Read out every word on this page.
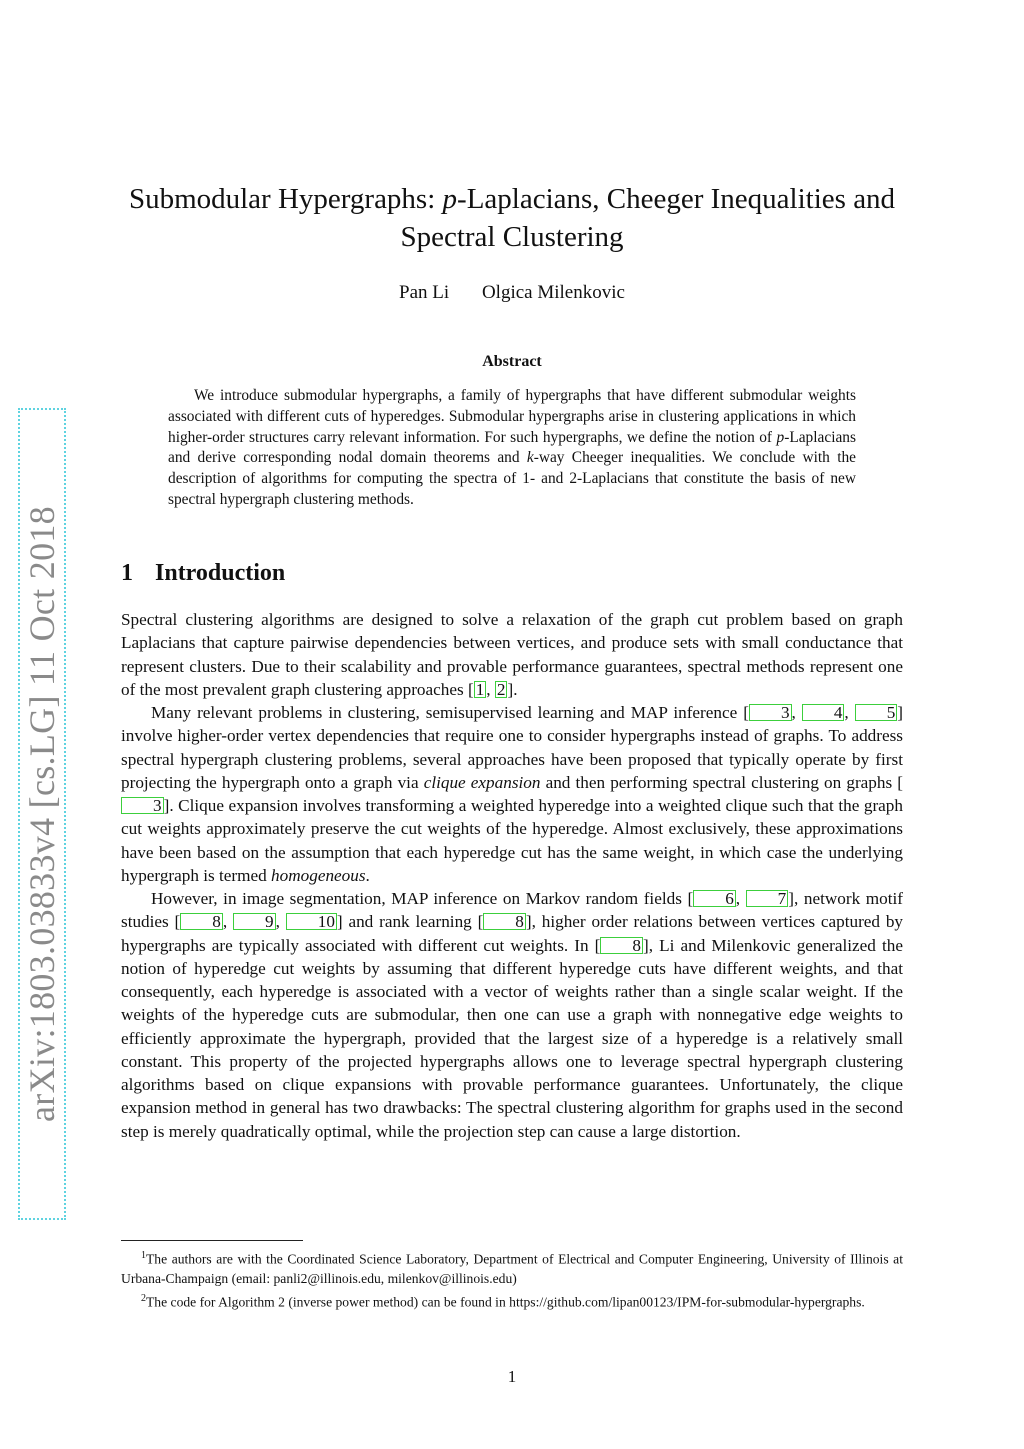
arXiv:1803.03833v4 [cs.LG] 11 Oct 2018
Submodular Hypergraphs: p-Laplacians, Cheeger Inequalities and
Spectral Clustering
Pan Li Olgica Milenkovic
Abstract

We introduce submodular hypergraphs, a family of hypergraphs that have different submodular weights associated with different cuts of hyperedges. Submodular hypergraphs arise in clustering applications in which higher-order structures carry relevant information. For such hypergraphs, we define the notion of p-Laplacians and derive corresponding nodal domain theorems and k-way Cheeger inequalities. We conclude with the description of algorithms for computing the spectra of 1- and 2-Laplacians that constitute the basis of new spectral hypergraph clustering methods.

1 Introduction

Spectral clustering algorithms are designed to solve a relaxation of the graph cut problem based on graph Laplacians that capture pairwise dependencies between vertices, and produce sets with small conductance that represent clusters. Due to their scalability and provable performance guarantees, spectral methods represent one of the most prevalent graph clustering approaches [ 1 , 2 ].

Many relevant problems in clustering, semisupervised learning and MAP inference [ 3 , 4 , 5 ] involve higher-order vertex dependencies that require one to consider hypergraphs instead of graphs. To address spectral hypergraph clustering problems, several approaches have been proposed that typically operate by first projecting the hypergraph onto a graph via clique expansion and then performing spectral clustering on graphs [3 ]. Clique expansion involves transforming a weighted hyperedge into a weighted clique such that the graph cut weights approximately preserve the cut weights of the hyperedge. Almost exclusively, these approximations have been based on the assumption that each hyperedge cut has the same weight, in which case the underlying hypergraph is termed homogeneous.

However, in image segmentation, MAP inference on Markov random fields [ 6 , 7 ], network motif studies [ 8 , 9 , 10 ] and rank learning [ 8 ], higher order relations between vertices captured by hypergraphs are typically associated with different cut weights. In [ 8 ], Li and Milenkovic generalized the notion of hyperedge cut weights by assuming that different hyperedge cuts have different weights, and that consequently, each hyperedge is associated with a vector of weights rather than a single scalar weight. If the weights of the hyperedge cuts are submodular, then one can use a graph with nonnegative edge weights to efficiently approximate the hypergraph, provided that the largest size of a hyperedge is a relatively small constant. This property of the projected hypergraphs allows one to leverage spectral hypergraph clustering algorithms based on clique expansions with provable performance guarantees. Unfortunately, the clique expansion method in general has two drawbacks: The spectral clustering algorithm for graphs used in the second step is merely quadratically optimal, while the projection step can cause a large distortion.

$^1$The authors are with the Coordinated Science Laboratory, Department of Electrical and Computer Engineering, University of Illinois at Urbana-Champaign (email: panli2@illinois.edu, milenkov@illinois.edu)

$^2$The code for Algorithm 2 (inverse power method) can be found in https://github.com/lipan00123/IPM-for-submodular-hypergraphs.

1
